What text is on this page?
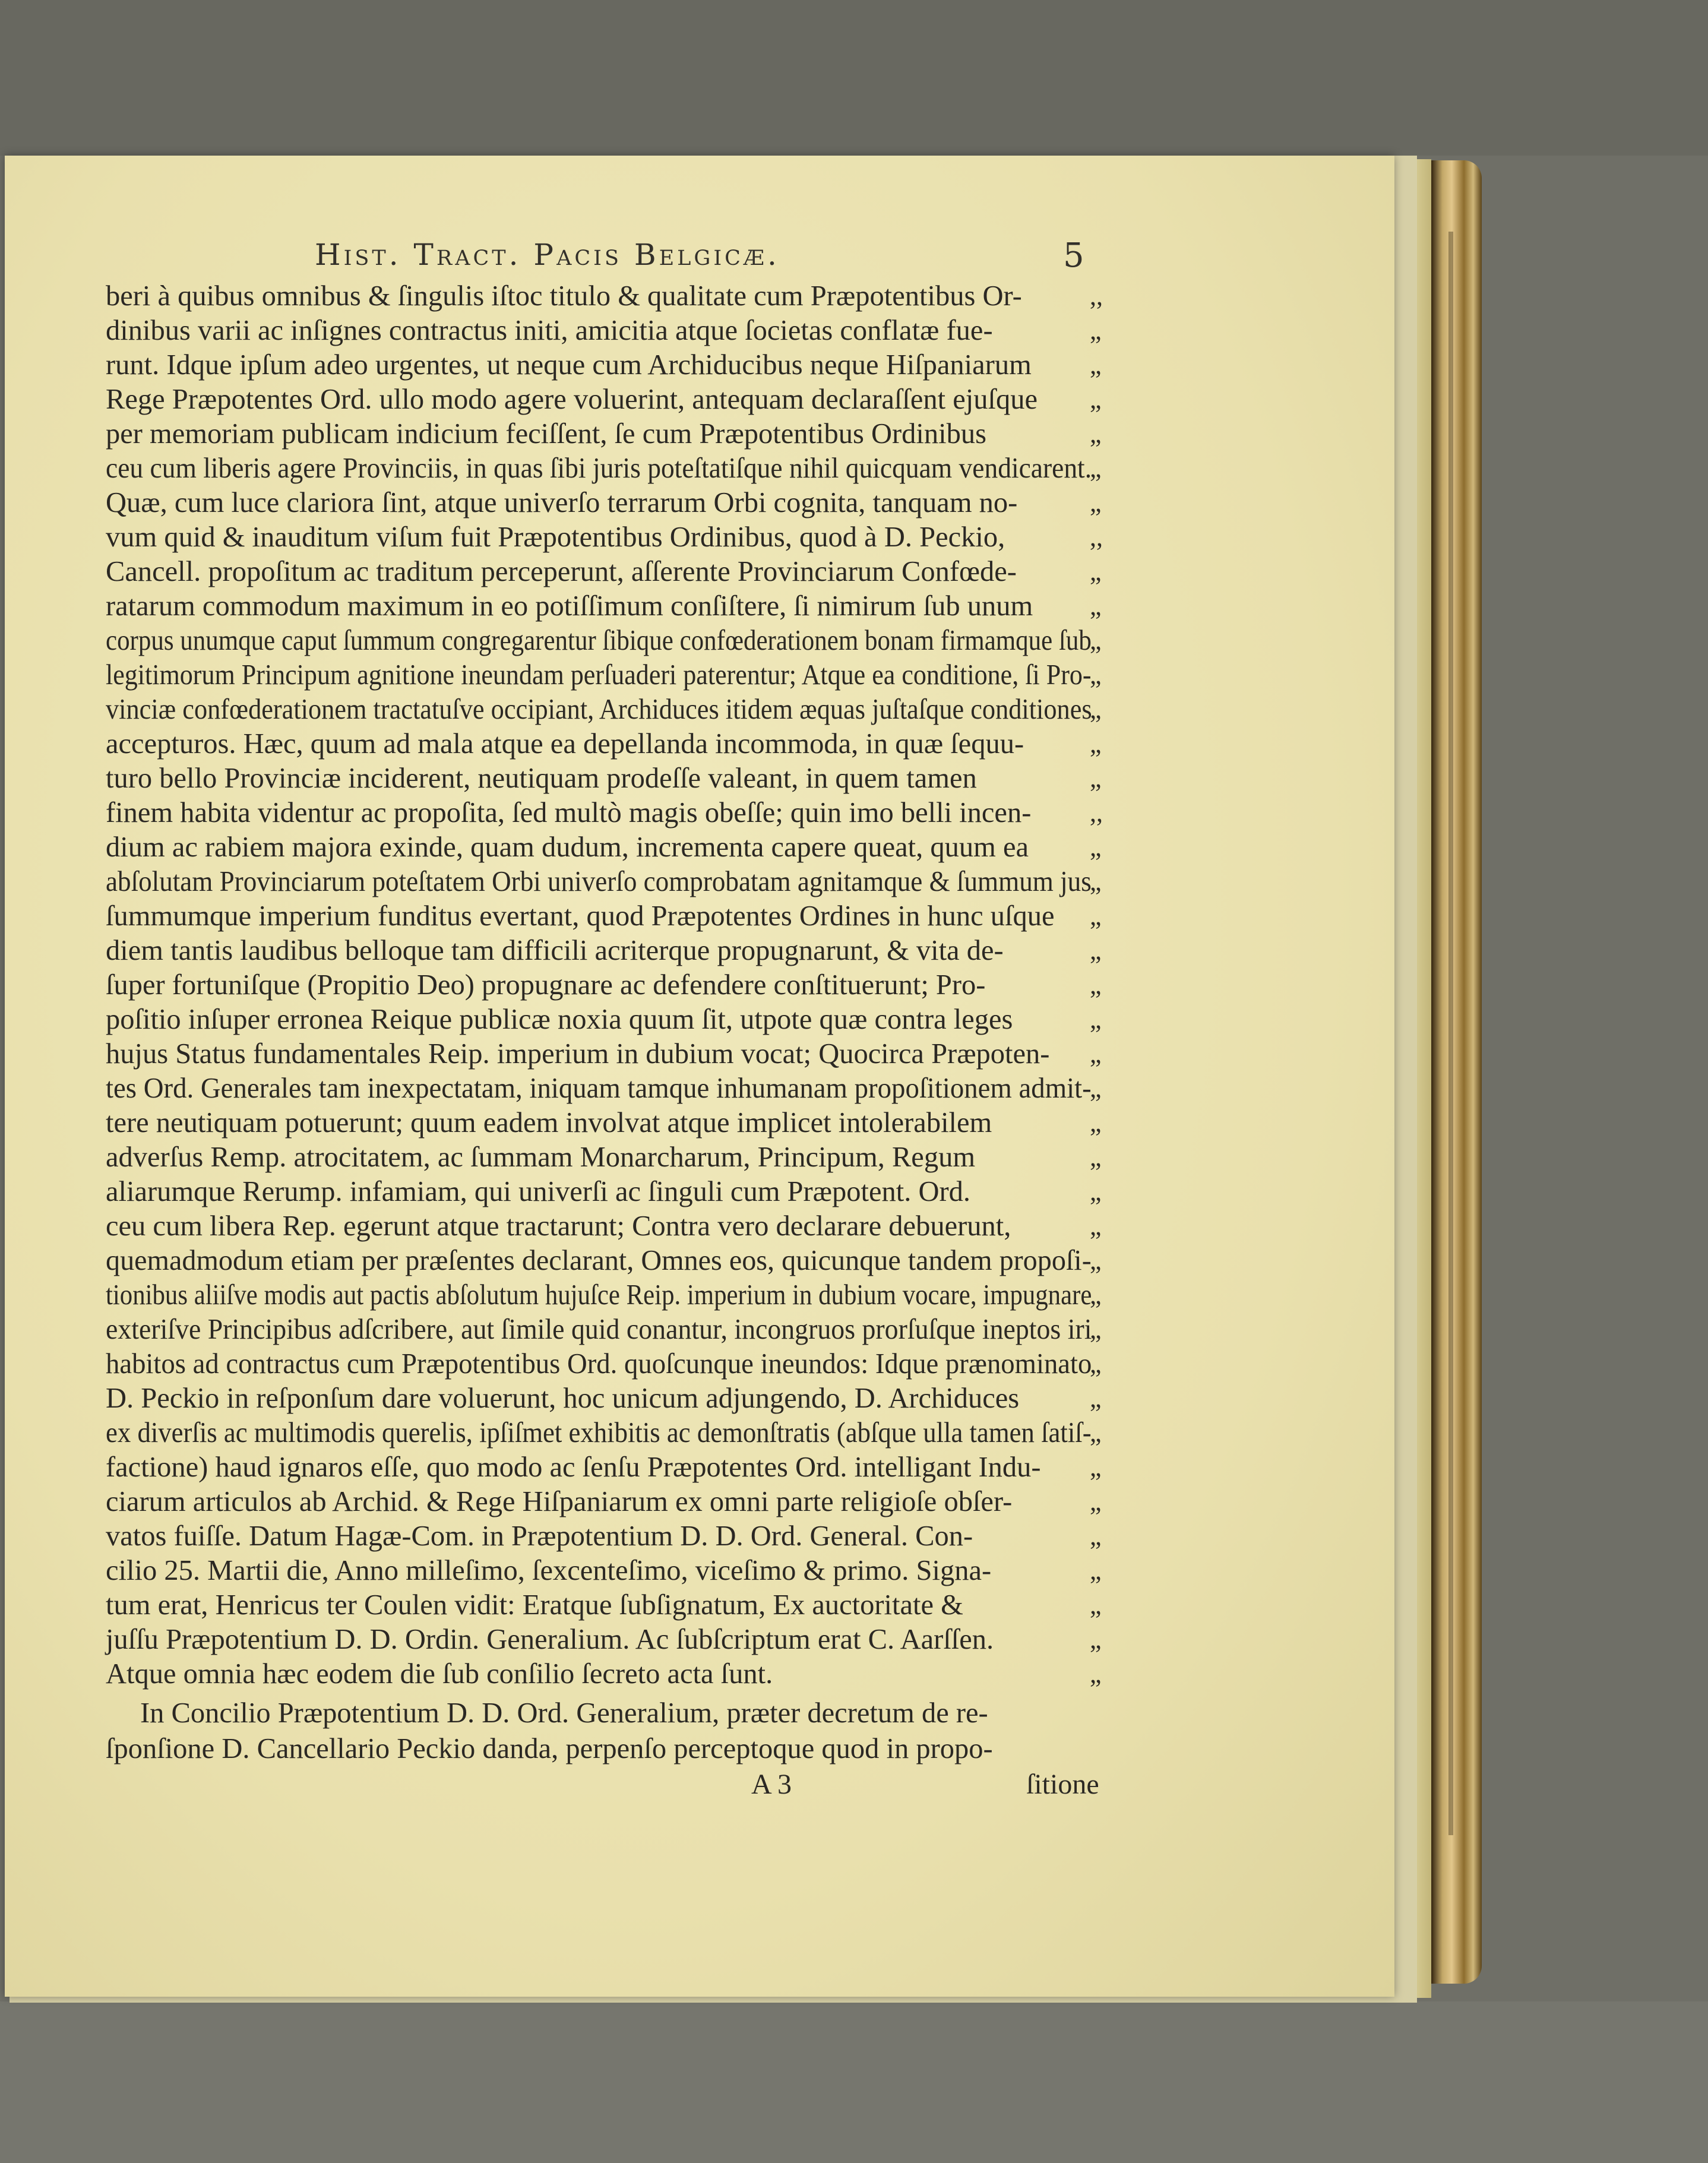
Hist. Tract. Pacis Belgicæ.	5
beri à quibus omnibus & ſingulis iſtoc titulo & qualitate cum Præpotentibus Or-
dinibus varii ac inſignes contractus initi, amicitia atque ſocietas conflatæ fue-
runt. Idque ipſum adeo urgentes, ut neque cum Archiducibus neque Hiſpaniarum
Rege Præpotentes Ord. ullo modo agere voluerint, antequam declaraſſent ejuſque
per memoriam publicam indicium feciſſent, ſe cum Præpotentibus Ordinibus
ceu cum liberis agere Provinciis, in quas ſibi juris poteſtatiſque nihil quicquam vendicarent.
Quæ, cum luce clariora ſint, atque univerſo terrarum Orbi cognita, tanquam no-
vum quid & inauditum viſum fuit Præpotentibus Ordinibus, quod à D. Peckio,
Cancell. propoſitum ac traditum perceperunt, aſſerente Provinciarum Confœde-
ratarum commodum maximum in eo potiſſimum conſiſtere, ſi nimirum ſub unum
corpus unumque caput ſummum congregarentur ſibique confœderationem bonam firmamque ſub
legitimorum Principum agnitione ineundam perſuaderi paterentur; Atque ea conditione, ſi Pro-
vinciæ confœderationem tractatuſve occipiant, Archiduces itidem æquas juſtaſque conditiones
accepturos. Hæc, quum ad mala atque ea depellanda incommoda, in quæ ſequu-
turo bello Provinciæ inciderent, neutiquam prodeſſe valeant, in quem tamen
finem habita videntur ac propoſita, ſed multò magis obeſſe; quin imo belli incen-
dium ac rabiem majora exinde, quam dudum, incrementa capere queat, quum ea
abſolutam Provinciarum poteſtatem Orbi univerſo comprobatam agnitamque & ſummum jus
ſummumque imperium funditus evertant, quod Præpotentes Ordines in hunc uſque
diem tantis laudibus belloque tam difficili acriterque propugnarunt, & vita de-
ſuper fortuniſque (Propitio Deo) propugnare ac defendere conſtituerunt; Pro-
poſitio inſuper erronea Reique publicæ noxia quum ſit, utpote quæ contra leges
hujus Status fundamentales Reip. imperium in dubium vocat; Quocirca Præpoten-
tes Ord. Generales tam inexpectatam, iniquam tamque inhumanam propoſitionem admit-
tere neutiquam potuerunt; quum eadem involvat atque implicet intolerabilem
adverſus Remp. atrocitatem, ac ſummam Monarcharum, Principum, Regum
aliarumque Rerump. infamiam, qui univerſi ac ſinguli cum Præpotent. Ord.
ceu cum libera Rep. egerunt atque tractarunt; Contra vero declarare debuerunt,
quemadmodum etiam per præſentes declarant, Omnes eos, quicunque tandem propoſi-
tionibus aliiſve modis aut pactis abſolutum hujuſce Reip. imperium in dubium vocare, impugnare
exteriſve Principibus adſcribere, aut ſimile quid conantur, incongruos prorſuſque ineptos iri
habitos ad contractus cum Præpotentibus Ord. quoſcunque ineundos: Idque prænominato
D. Peckio in reſponſum dare voluerunt, hoc unicum adjungendo, D. Archiduces
ex diverſis ac multimodis querelis, ipſiſmet exhibitis ac demonſtratis (abſque ulla tamen ſatiſ-
factione) haud ignaros eſſe, quo modo ac ſenſu Præpotentes Ord. intelligant Indu-
ciarum articulos ab Archid. & Rege Hiſpaniarum ex omni parte religioſe obſer-
vatos fuiſſe. Datum Hagæ-Com. in Præpotentium D. D. Ord. General. Con-
cilio 25. Martii die, Anno milleſimo, ſexcenteſimo, viceſimo & primo. Signa-
tum erat, Henricus ter Coulen vidit: Eratque ſubſignatum, Ex auctoritate &
juſſu Præpotentium D. D. Ordin. Generalium. Ac ſubſcriptum erat C. Aarſſen.
Atque omnia hæc eodem die ſub conſilio ſecreto acta ſunt.
,,
„
„
„
„
„
„
,,
„
„
„
„
„
„
„
,,
„
„
„
„
„
„
„
„
„
„
„
„
„
„
„
„
„
„
„
„
„
„
„
„
„
In Concilio Præpotentium D. D. Ord. Generalium, præter decretum de re-
ſponſione D. Cancellario Peckio danda, perpenſo perceptoque quod in propo-
A 3	ſitione
